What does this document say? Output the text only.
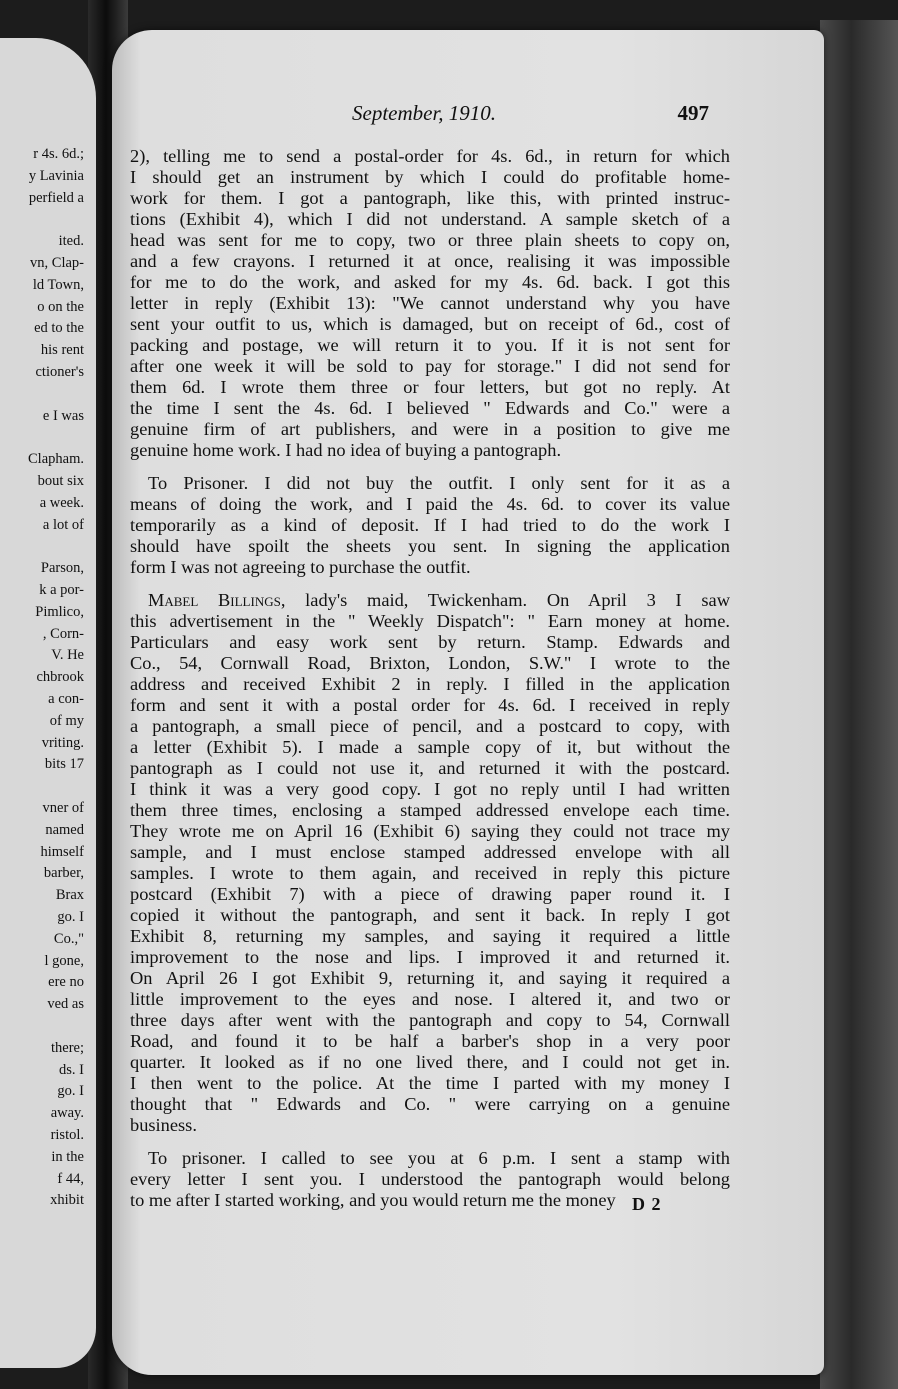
r 4s. 6d.;
y Lavinia
perfield a
ited.
vn, Clap-
ld Town,
o on the
ed to the
his rent
ctioner's
e I was
Clapham.
bout six
a week.
a lot of
Parson,
k a por-
Pimlico,
, Corn-
V. He
chbrook
a con-
of my
vriting.
bits 17
vner of
named
himself
barber,
Brax
go. I
Co.,"
l gone,
ere no
ved as
there;
ds. I
go. I
away.
ristol.
in the
f 44,
xhibit
September, 1910.	497
2), telling me to send a postal-order for 4s. 6d., in return for which
I should get an instrument by which I could do profitable home-
work for them. I got a pantograph, like this, with printed instruc-
tions (Exhibit 4), which I did not understand. A sample sketch of a
head was sent for me to copy, two or three plain sheets to copy on,
and a few crayons. I returned it at once, realising it was impossible
for me to do the work, and asked for my 4s. 6d. back. I got this
letter in reply (Exhibit 13): "We cannot understand why you have
sent your outfit to us, which is damaged, but on receipt of 6d., cost of
packing and postage, we will return it to you. If it is not sent for
after one week it will be sold to pay for storage." I did not send for
them 6d. I wrote them three or four letters, but got no reply. At
the time I sent the 4s. 6d. I believed " Edwards and Co." were a
genuine firm of art publishers, and were in a position to give me
genuine home work. I had no idea of buying a pantograph.
To Prisoner. I did not buy the outfit. I only sent for it as a
means of doing the work, and I paid the 4s. 6d. to cover its value
temporarily as a kind of deposit. If I had tried to do the work I
should have spoilt the sheets you sent. In signing the application
form I was not agreeing to purchase the outfit.
Mabel Billings, lady's maid, Twickenham. On April 3 I saw
this advertisement in the " Weekly Dispatch": " Earn money at home.
Particulars and easy work sent by return. Stamp. Edwards and
Co., 54, Cornwall Road, Brixton, London, S.W." I wrote to the
address and received Exhibit 2 in reply. I filled in the application
form and sent it with a postal order for 4s. 6d. I received in reply
a pantograph, a small piece of pencil, and a postcard to copy, with
a letter (Exhibit 5). I made a sample copy of it, but without the
pantograph as I could not use it, and returned it with the postcard.
I think it was a very good copy. I got no reply until I had written
them three times, enclosing a stamped addressed envelope each time.
They wrote me on April 16 (Exhibit 6) saying they could not trace my
sample, and I must enclose stamped addressed envelope with all
samples. I wrote to them again, and received in reply this picture
postcard (Exhibit 7) with a piece of drawing paper round it. I
copied it without the pantograph, and sent it back. In reply I got
Exhibit 8, returning my samples, and saying it required a little
improvement to the nose and lips. I improved it and returned it.
On April 26 I got Exhibit 9, returning it, and saying it required a
little improvement to the eyes and nose. I altered it, and two or
three days after went with the pantograph and copy to 54, Cornwall
Road, and found it to be half a barber's shop in a very poor
quarter. It looked as if no one lived there, and I could not get in.
I then went to the police. At the time I parted with my money I
thought that " Edwards and Co. " were carrying on a genuine
business.
To prisoner. I called to see you at 6 p.m. I sent a stamp with
every letter I sent you. I understood the pantograph would belong
to me after I started working, and you would return me the money D 2
